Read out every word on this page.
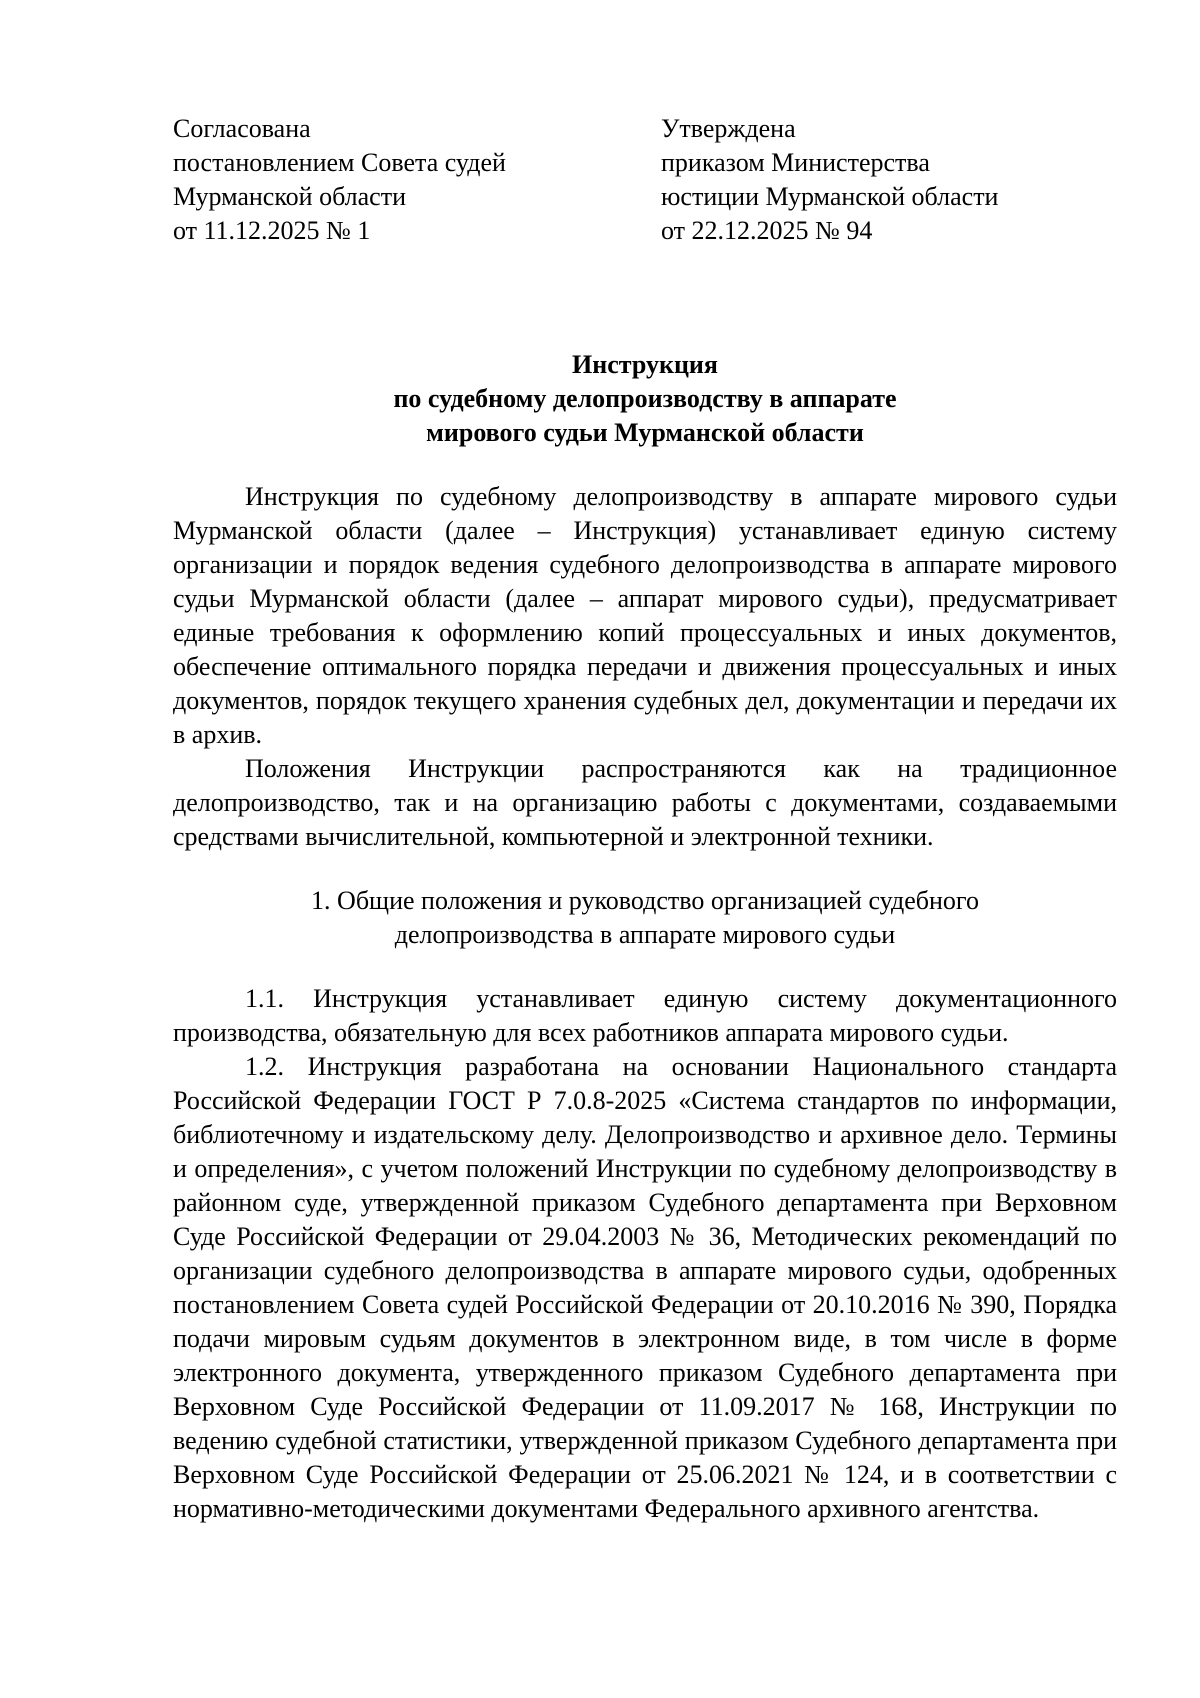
Согласована
постановлением Совета судей
Мурманской области
от 11.12.2025 № 1
Утверждена
приказом Министерства
юстиции Мурманской области
от 22.12.2025 № 94
Инструкция
по судебному делопроизводству в аппарате
мирового судьи Мурманской области

Инструкция по судебному делопроизводству в аппарате мирового судьи Мурманской области (далее – Инструкция) устанавливает единую систему организации и порядок ведения судебного делопроизводства в аппарате мирового судьи Мурманской области (далее – аппарат мирового судьи), предусматривает единые требования к оформлению копий процессуальных и иных документов, обеспечение оптимального порядка передачи и движения процессуальных и иных документов, порядок текущего хранения судебных дел, документации и передачи их в архив.

Положения Инструкции распространяются как на традиционное делопроизводство, так и на организацию работы с документами, создаваемыми средствами вычислительной, компьютерной и электронной техники.

1. Общие положения и руководство организацией судебного
делопроизводства в аппарате мирового судьи

1.1. Инструкция устанавливает единую систему документационного производства, обязательную для всех работников аппарата мирового судьи.

1.2. Инструкция разработана на основании Национального стандарта Российской Федерации ГОСТ Р 7.0.8-2025 «Система стандартов по информации, библиотечному и издательскому делу. Делопроизводство и архивное дело. Термины и определения», с учетом положений Инструкции по судебному делопроизводству в районном суде, утвержденной приказом Судебного департамента при Верховном Суде Российской Федерации от 29.04.2003 № 36, Методических рекомендаций по организации судебного делопроизводства в аппарате мирового судьи, одобренных постановлением Совета судей Российской Федерации от 20.10.2016 № 390, Порядка подачи мировым судьям документов в электронном виде, в том числе в форме электронного документа, утвержденного приказом Судебного департамента при Верховном Суде Российской Федерации от 11.09.2017 № 168, Инструкции по ведению судебной статистики, утвержденной приказом Судебного департамента при Верховном Суде Российской Федерации от 25.06.2021 № 124, и в соответствии с нормативно-методическими документами Федерального архивного агентства.
